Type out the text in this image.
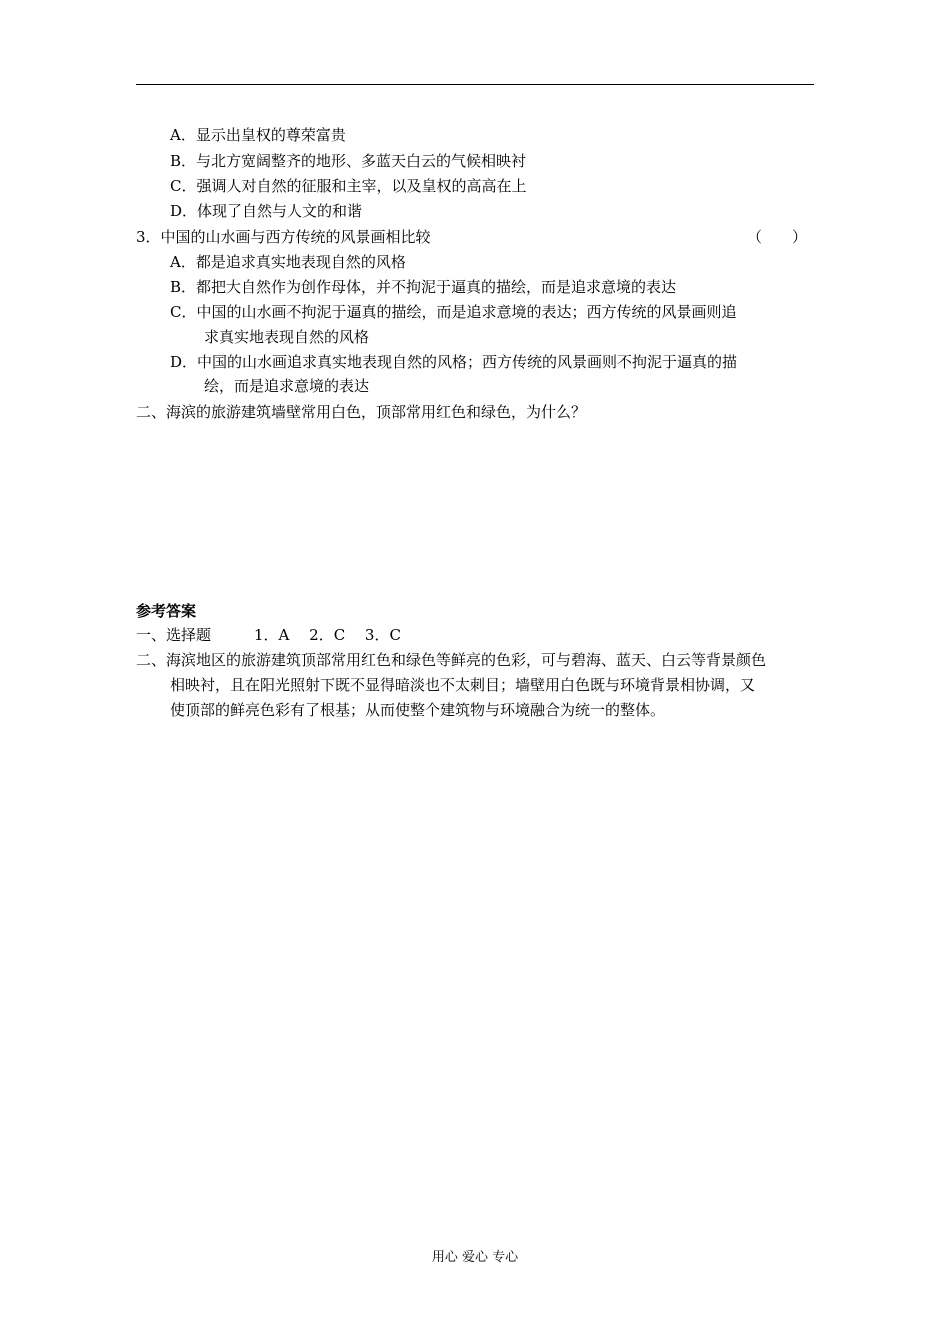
A．显示出皇权的尊荣富贵
B．与北方宽阔整齐的地形、多蓝天白云的气候相映衬
C．强调人对自然的征服和主宰，以及皇权的高高在上
D．体现了自然与人文的和谐
3．中国的山水画与西方传统的风景画相比较	（　　）
A．都是追求真实地表现自然的风格
B．都把大自然作为创作母体，并不拘泥于逼真的描绘，而是追求意境的表达
C．中国的山水画不拘泥于逼真的描绘，而是追求意境的表达；西方传统的风景画则追
求真实地表现自然的风格
D．中国的山水画追求真实地表现自然的风格；西方传统的风景画则不拘泥于逼真的描
绘，而是追求意境的表达
二、海滨的旅游建筑墙壁常用白色，顶部常用红色和绿色，为什么？
参考答案
一、选择题	1．A　 2．C　 3．C
二、海滨地区的旅游建筑顶部常用红色和绿色等鲜亮的色彩，可与碧海、蓝天、白云等背景颜色
相映衬，且在阳光照射下既不显得暗淡也不太刺目；墙壁用白色既与环境背景相协调，又
使顶部的鲜亮色彩有了根基；从而使整个建筑物与环境融合为统一的整体。
用心 爱心 专心
